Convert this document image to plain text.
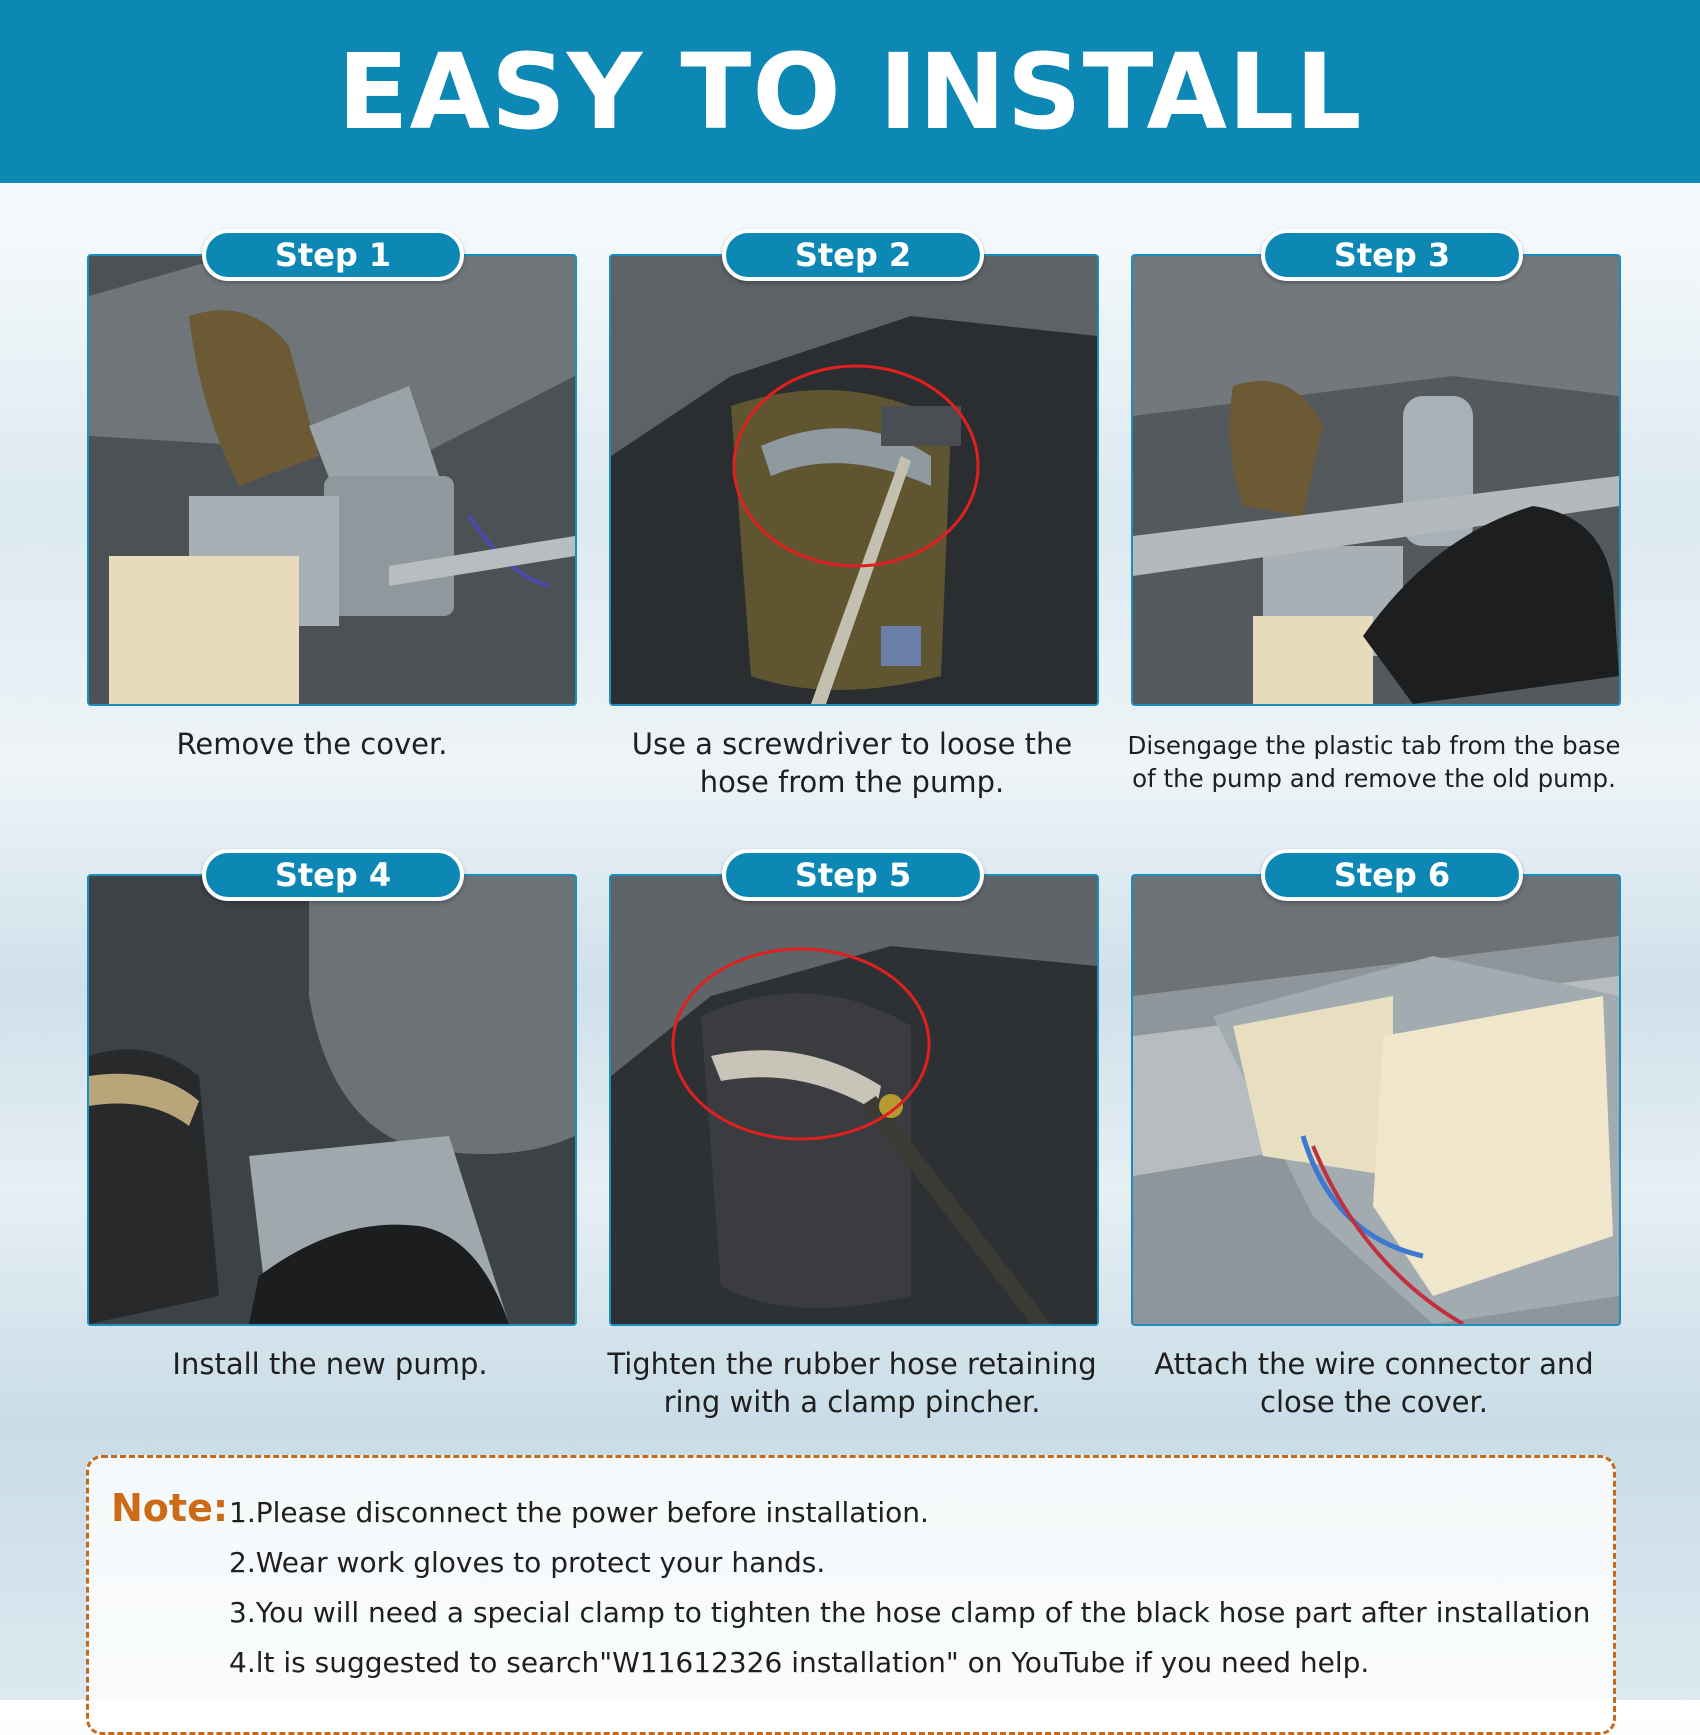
EASY TO INSTALL
Step 1
Remove the cover.
Step 2
Use a screwdriver to loose the hose from the pump.
Step 3
Disengage the plastic tab from the base of the pump and remove the old pump.
Step 4
Install the new pump.
Step 5
Tighten the rubber hose retaining ring with a clamp pincher.
Step 6
Attach the wire connector and close the cover.
Note: 1.Please disconnect the power before installation.
2.Wear work gloves to protect your hands.
3.You will need a special clamp to tighten the hose clamp of the black hose part after installation
4.lt is suggested to search"W11612326 installation" on YouTube if you need help.
